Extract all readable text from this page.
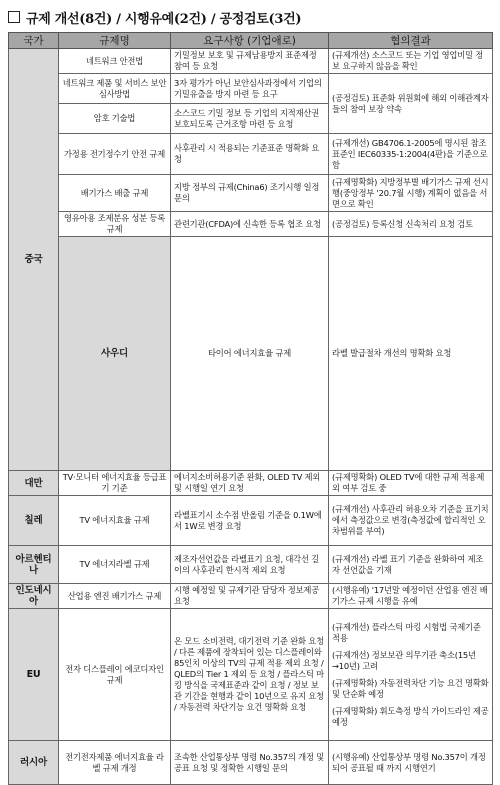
규제 개선(8건) / 시행유예(2건) / 공정검토(3건)
국가	규제명	요구사항 (기업애로)	협의결과	
중국	네트워크 안전법	기밀정보 보호 및 규제남용방지 표준제정 참여 등 요청	(규제개선) 소스코드 또는 기업 영업비밀 정보 요구하지 않음을 확인	

	네트워크 제품 및 서비스 보안심사방법	3자 평가가 아닌 보안심사과정에서 기업의 기밀유출을 방지 마련 등 요구	(공정검토) 표준화 위원회에 해외 이해관계자들의 참여 보장 약속	

	암호 기술법	소스코드 기밀 정보 등 기업의 지적재산권 보호되도록 근거조항 마련 등 요청		
	가정용 전기정수기 안전 규제	사후관리 시 적용되는 기준표준 명확화 요청	(규제개선) GB4706.1-2005에 명시된 참조표준인 IEC60335-1:2004(4판)을 기준으로 함	

	배기가스 배출 규제	지방 정부의 규제(China6) 조기시행 일정 문의	(규제명확화) 지방정부별 배기가스 규제 선시행(중앙정부 '20.7월 시행) 계획이 없음을 서면으로 확인	

	영유아용 조제분유 성분 등록 규제	관련기관(CFDA)에 신속한 등록 협조 요청	(공정검토) 등록신청 신속처리 요청 검토	

	사우디	타이어 에너지효율 규제	라벨 발급절차 개선의 명확화 요청	

대만	TV·모니터 에너지효율 등급표기 기준	에너지소비허용기준 완화, OLED TV 제외 및 시행일 연기 요청	(규제명확화) OLED TV에 대한 규제 적용제외 여부 검토 중	

칠레	TV 에너지효율 규제	라벨표기시 소수점 반올림 기준을 0.1W에서 1W로 변경 요청	(규제개선) 사후관리 허용오차 기준을 표기치에서 측정값으로 변경(측정값에 합리적인 오차범위를 부여)	

아르헨티나	TV 에너지라벨 규제	제조자선언값을 라벨표기 요청, 대각선 길이의 사후관리 한시적 제외 요청	(규제개선) 라벨 표기 기준을 완화하여 제조자 선언값을 기재	

인도네시아	산업용 엔진 배기가스 규제	시행 예정일 및 규제기관 담당자 정보제공 요청	(시행유예) '17년말 예정이던 산업용 엔진 배기가스 규제 시행을 유예	

EU	전자 디스플레이 에코디자인 규제	온 모드 소비전력, 대기전력 기준 완화 요청 / 다른 제품에 장착되어 있는 디스플레이와 85인치 이상의 TV의 규제 적용 제외 요청 / QLED의 Tier 1 제외 등 요청 / 플라스틱 마킹 방식을 국제표준과 같이 요청 / 정보 보관 기간을 현행과 같이 10년으로 유지 요청 / 자동전력 차단기능 요건 명확화 요청	(규제개선) 플라스틱 마킹 시험법 국제기준 적용

(규제개선) 정보보관 의무기관 축소(15년 →10년) 고려

(규제명확화) 자동전력차단 기능 요건 명확화 및 단순화 예정

(규제명확화) 휘도측정 방식 가이드라인 제공 예정	

러시아	전기전자제품 에너지효율 라벨 규제 개정	조속한 산업통상부 명령 No.357의 개정 및 공표 요청 및 정확한 시행일 문의	(시행유예) 산업통상부 명령 No.357이 개정되어 공표될 때 까지 시행연기	
